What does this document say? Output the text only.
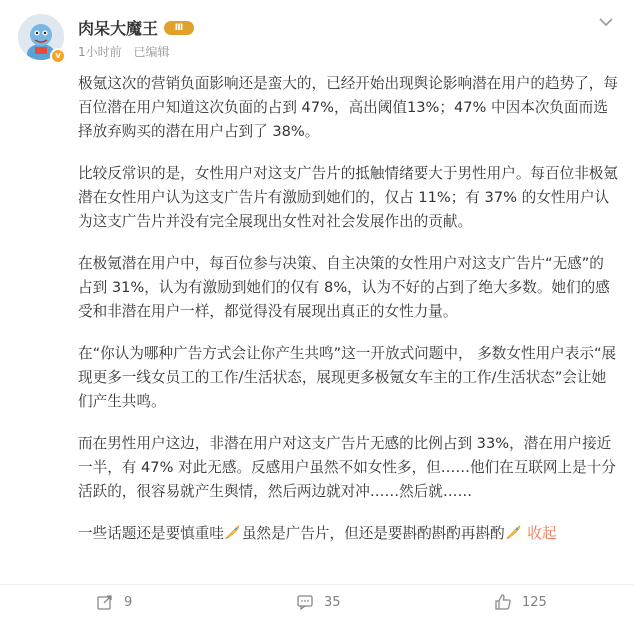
v
肉呆大魔王	Ⅲ
1小时前 已编辑

极氪这次的营销负面影响还是蛮大的，已经开始出现舆论影响潜在用户的趋势了，每百位潜在用户知道这次负面的占到 47%，高出阈值13%；47% 中因本次负面而选择放弃购买的潜在用户占到了 38%。

比较反常识的是，女性用户对这支广告片的抵触情绪要大于男性用户。每百位非极氪潜在女性用户认为这支广告片有激励到她们的，仅占 11%；有 37% 的女性用户认为这支广告片并没有完全展现出女性对社会发展作出的贡献。

在极氪潜在用户中，每百位参与决策、自主决策的女性用户对这支广告片“无感”的占到 31%，认为有激励到她们的仅有 8%，认为不好的占到了绝大多数。她们的感受和非潜在用户一样，都觉得没有展现出真正的女性力量。

在“你认为哪种广告方式会让你产生共鸣”这一开放式问题中， 多数女性用户表示“展现更多一线女员工的工作/生活状态，展现更多极氪女车主的工作/生活状态”会让她们产生共鸣。

而在男性用户这边，非潜在用户对这支广告片无感的比例占到 33%，潜在用户接近一半，有 47% 对此无感。反感用户虽然不如女性多，但……他们在互联网上是十分活跃的，很容易就产生舆情，然后两边就对冲……然后就……

一些话题还是要慎重哇 虽然是广告片，但还是要斟酌斟酌再斟酌 收起

9	35	125
